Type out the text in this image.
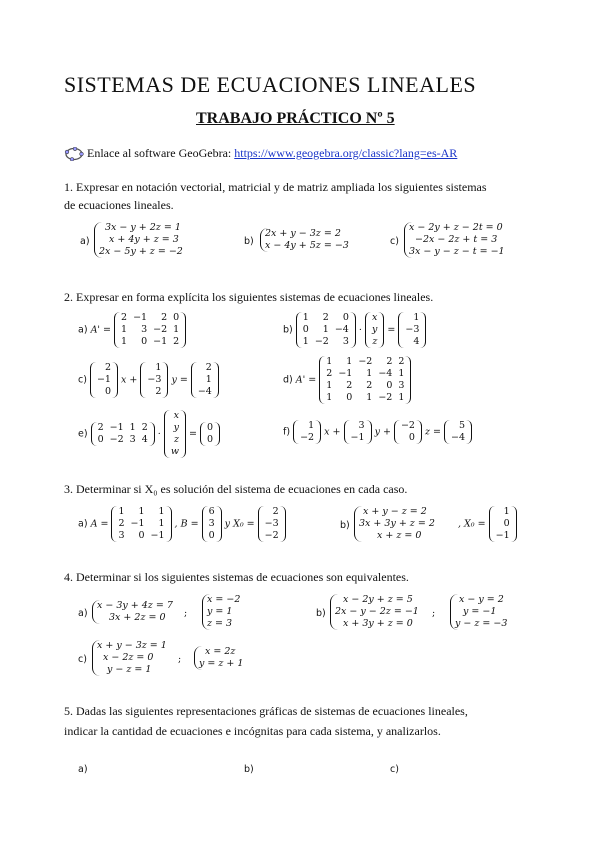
SISTEMAS DE ECUACIONES LINEALES
TRABAJO PRÁCTICO Nº 5
Enlace al software GeoGebra: https://www.geogebra.org/classic?lang=es-AR
1. Expresar en notación vectorial, matricial y de matriz ampliada los siguientes sistemas
de ecuaciones lineales.
a)
3x − y + 2z = 1
x + 4y + z = 3
2x − 5y + z = −2
b)
2x + y − 3z = 2
x − 4y + 5z = −3	c)
x − 2y + z − 2t = 0
−2x − 2z + t = 3
3x − y − z − t = −1
2. Expresar en forma explícita los siguientes sistemas de ecuaciones lineales.
a) A' =
2	−1	2	0
1	3	−2	1
1	0	−1	2
b)
1	2	0
0	1	−4
1	−2	3
·
x
y
z
=
1
−3
4
c)
2
−1
0
x +
1
−3
2
y =
2
1
−4
d) A' =
1	1	−2	2	2
2	−1	1	−4	1
1	2	2	0	3
1	0	1	−2	1
e)
2	−1	1	2
0	−2	3	4 ·
x
y
z
w
=
0
0
f)
1
−2 x +
3
−1 y +
−2
0 z =
5
−4
3. Determinar si X₀ es solución del sistema de ecuaciones en cada caso.
a) A =
1	1	1
2	−1	1
3	0	−1
, B =
6
3
0
y X₀ =
2
−3
−2
b)
x + y − z = 2
3x + 3y + z = 2
x + z = 0
, X₀ =
1
0
−1
4. Determinar si los siguientes sistemas de ecuaciones son equivalentes.
a)
x − 3y + 4z = 7
3x + 2z = 0	;
x = −2
y = 1
z = 3
b)
x − 2y + z = 5
2x − y − 2z = −1
x + 3y + z = 0
;
x − y = 2
y = −1
y − z = −3
c)
x + y − 3z = 1
x − 2z = 0
y − z = 1
;
x = 2z
y = z + 1
5. Dadas las siguientes representaciones gráficas de sistemas de ecuaciones lineales,
indicar la cantidad de ecuaciones e incógnitas para cada sistema, y analizarlos.
a)	b)	c)
